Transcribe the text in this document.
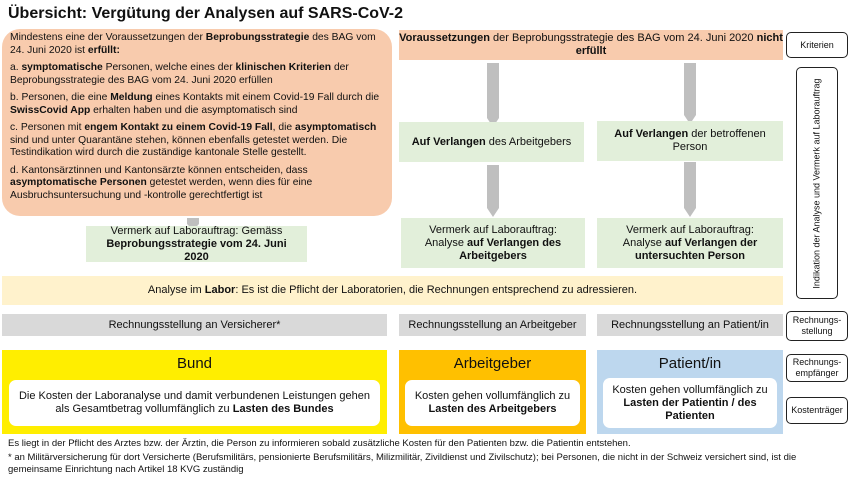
Übersicht: Vergütung der Analysen auf SARS-CoV-2
Kriterien
Indikation der Analyse und Vermerk auf Laborauftrag
Rechnungs-stellung
Rechnungs-empfänger
Kostenträger

Mindestens eine der Voraussetzungen der Beprobungsstrategie des BAG vom 24. Juni 2020 ist erfüllt:

a. symptomatische Personen, welche eines der klinischen Kriterien der Beprobungsstrategie des BAG vom 24. Juni 2020 erfüllen

b. Personen, die eine Meldung eines Kontakts mit einem Covid-19 Fall durch die SwissCovid App erhalten haben und die asymptomatisch sind

c. Personen mit engem Kontakt zu einem Covid-19 Fall, die asymptomatisch sind und unter Quarantäne stehen, können ebenfalls getestet werden. Die Testindikation wird durch die zuständige kantonale Stelle gestellt.

d. Kantonsärztinnen und Kantonsärzte können entscheiden, dass asymptomatische Personen getestet werden, wenn dies für eine Ausbruchsuntersuchung und -kontrolle gerechtfertigt ist

Voraussetzungen der Beprobungsstrategie des BAG vom 24. Juni 2020 nicht erfüllt
Auf Verlangen des Arbeitgebers
Auf Verlangen der betroffenen Person
Vermerk auf Laborauftrag: Gemäss Beprobungsstrategie vom 24. Juni 2020
Vermerk auf Laborauftrag: Analyse auf Verlangen des Arbeitgebers
Vermerk auf Laborauftrag: Analyse auf Verlangen der untersuchten Person
Analyse im Labor: Es ist die Pflicht der Laboratorien, die Rechnungen entsprechend zu adressieren.
Rechnungsstellung an Versicherer*	Rechnungsstellung an Arbeitgeber	Rechnungsstellung an Patient/in
Bund
Die Kosten der Laboranalyse und damit verbundenen Leistungen gehen als Gesamtbetrag vollumfänglich zu Lasten des Bundes
Arbeitgeber
Kosten gehen vollumfänglich zu Lasten des Arbeitgebers
Patient/in
Kosten gehen vollumfänglich zu Lasten der Patientin / des Patienten
Es liegt in der Pflicht des Arztes bzw. der Ärztin, die Person zu informieren sobald zusätzliche Kosten für den Patienten bzw. die Patientin entstehen.
* an Militärversicherung für dort Versicherte (Berufsmilitärs, pensionierte Berufsmilitärs, Milizmilitär, Zivildienst und Zivilschutz); bei Personen, die nicht in der Schweiz versichert sind, ist die gemeinsame Einrichtung nach Artikel 18 KVG zuständig
